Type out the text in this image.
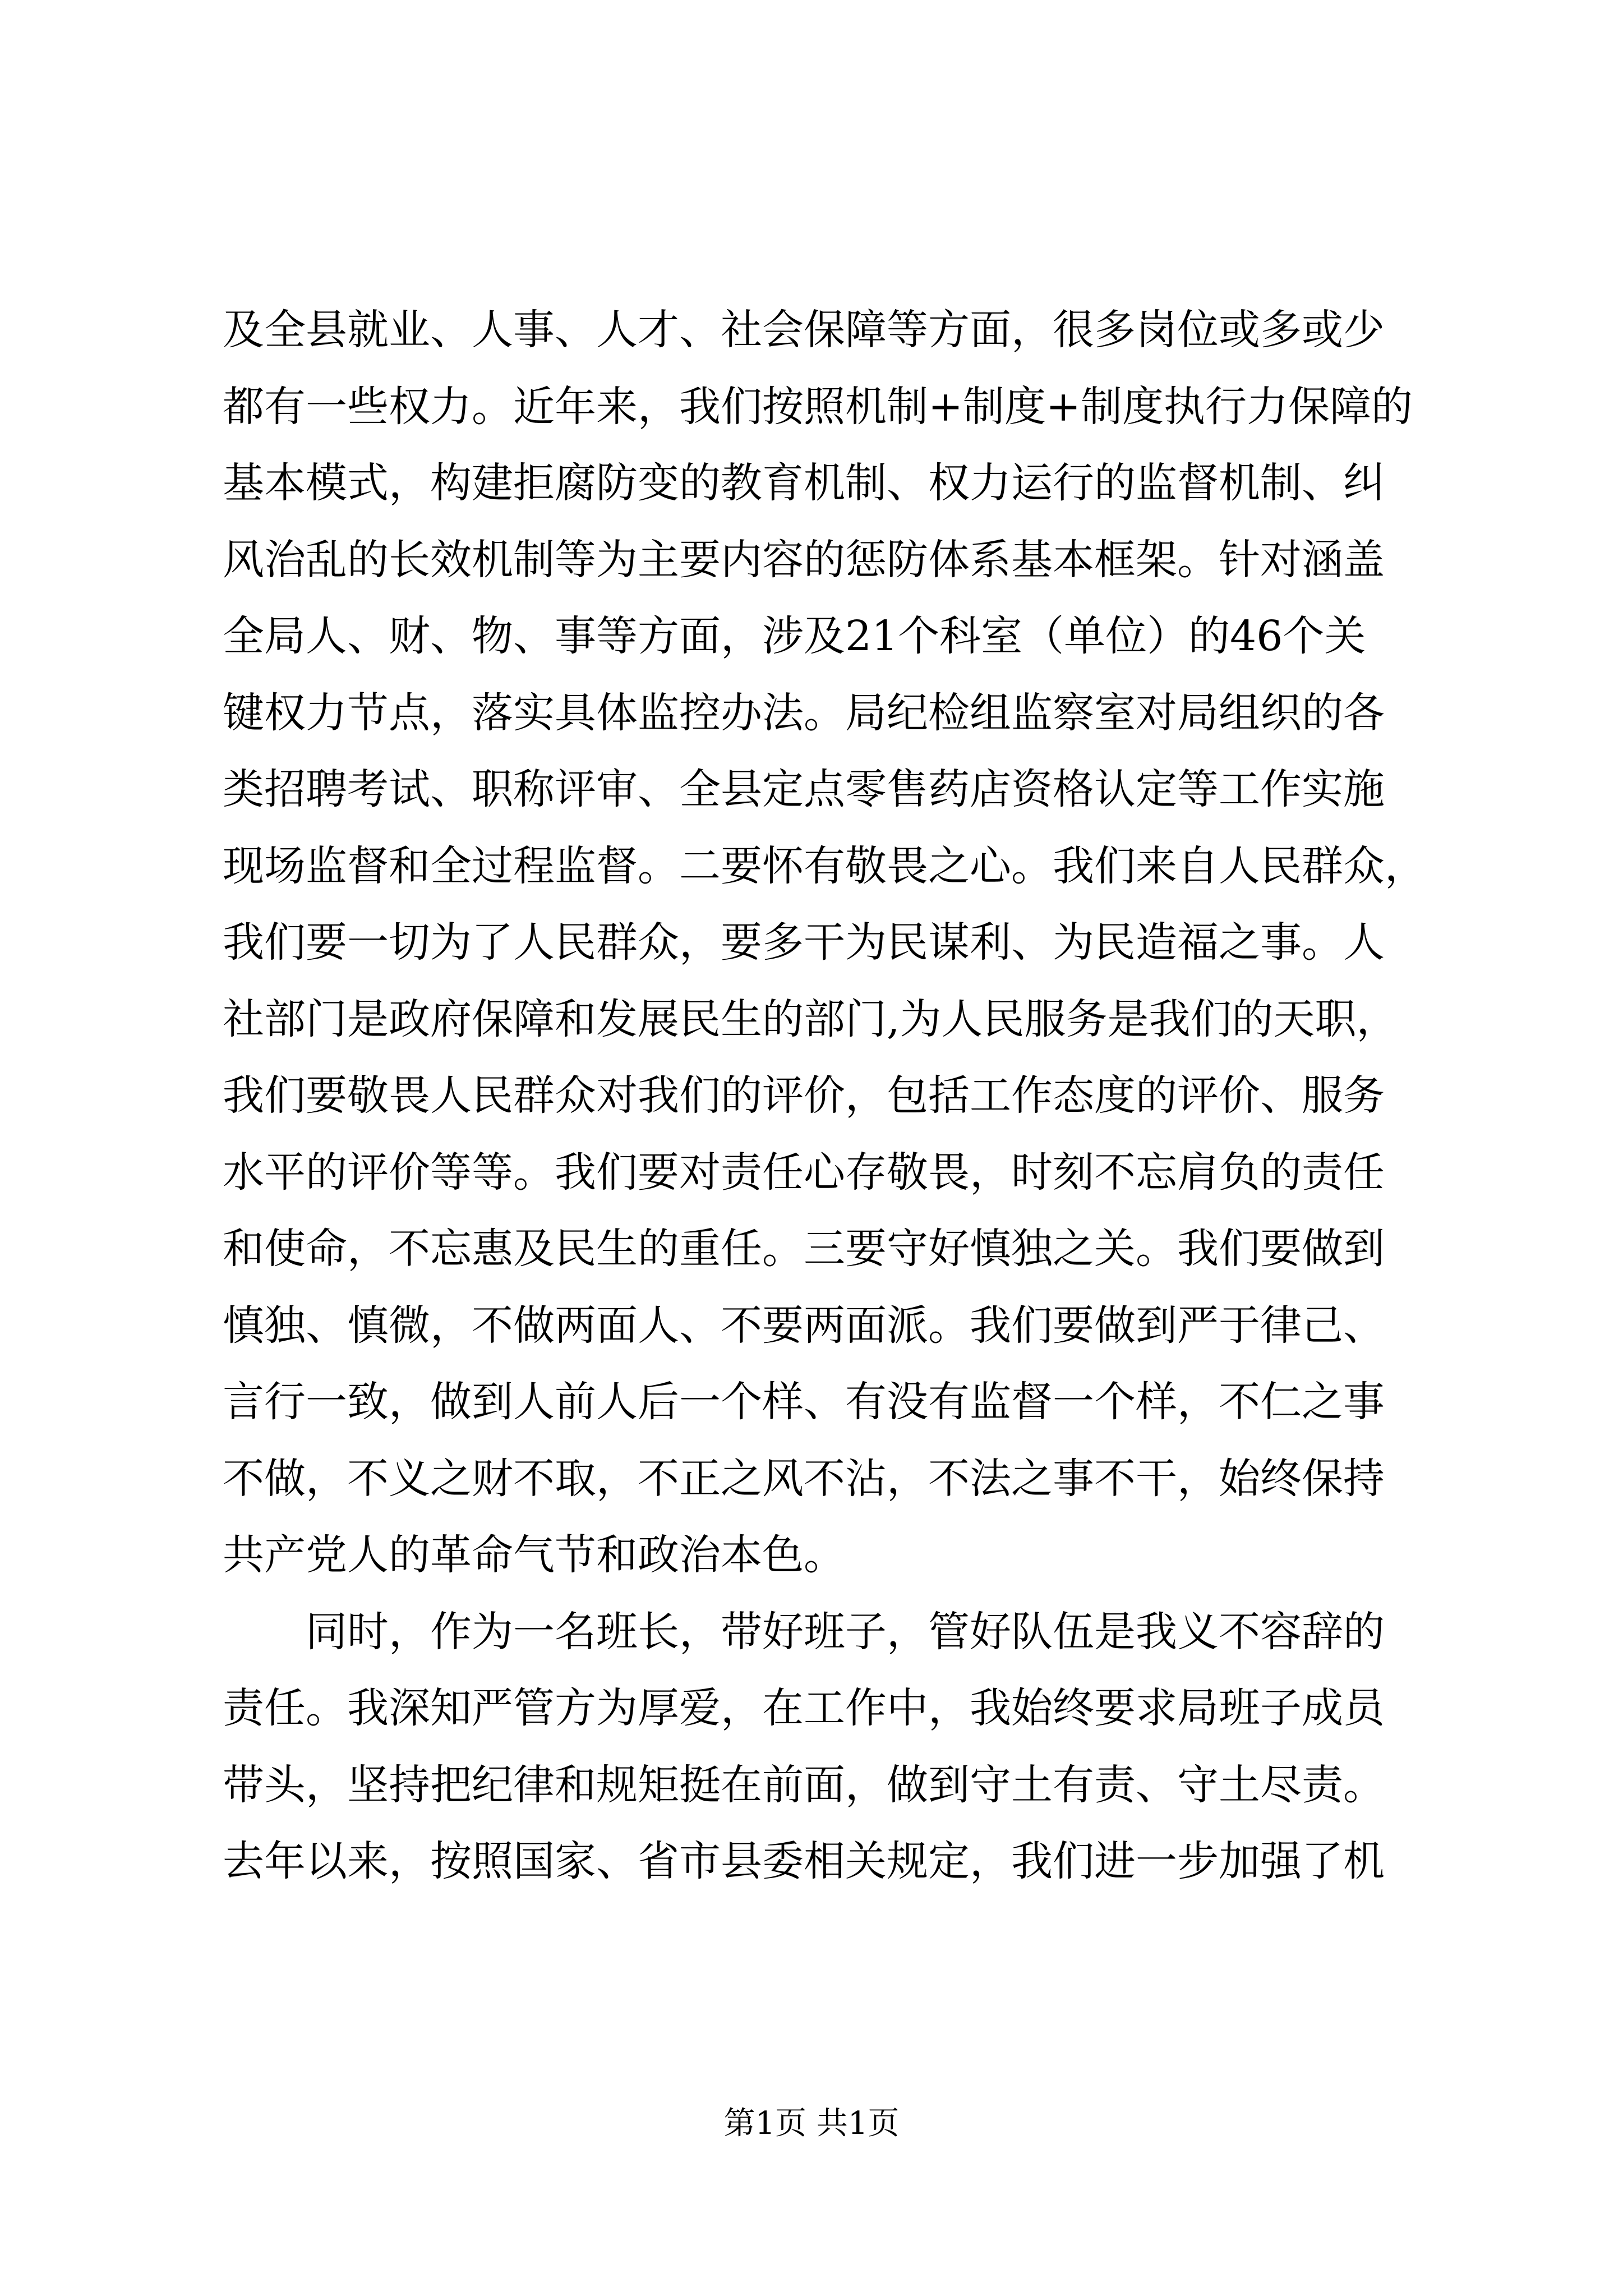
及全县就业、人事、人才、社会保障等方面，很多岗位或多或少
都有一些权力。近年来，我们按照机制+制度+制度执行力保障的
基本模式，构建拒腐防变的教育机制、权力运行的监督机制、纠
风治乱的长效机制等为主要内容的惩防体系基本框架。针对涵盖
全局人、财、物、事等方面，涉及21个科室（单位）的46个关
键权力节点，落实具体监控办法。局纪检组监察室对局组织的各
类招聘考试、职称评审、全县定点零售药店资格认定等工作实施
现场监督和全过程监督。二要怀有敬畏之心。我们来自人民群众，
我们要一切为了人民群众，要多干为民谋利、为民造福之事。人
社部门是政府保障和发展民生的部门,为人民服务是我们的天职，
我们要敬畏人民群众对我们的评价，包括工作态度的评价、服务
水平的评价等等。我们要对责任心存敬畏，时刻不忘肩负的责任
和使命，不忘惠及民生的重任。三要守好慎独之关。我们要做到
慎独、慎微，不做两面人、不要两面派。我们要做到严于律己、
言行一致，做到人前人后一个样、有没有监督一个样，不仁之事
不做，不义之财不取，不正之风不沾，不法之事不干，始终保持
共产党人的革命气节和政治本色。
　　同时，作为一名班长，带好班子，管好队伍是我义不容辞的
责任。我深知严管方为厚爱，在工作中，我始终要求局班子成员
带头，坚持把纪律和规矩挺在前面，做到守土有责、守土尽责。
去年以来，按照国家、省市县委相关规定，我们进一步加强了机
第1页 共1页
